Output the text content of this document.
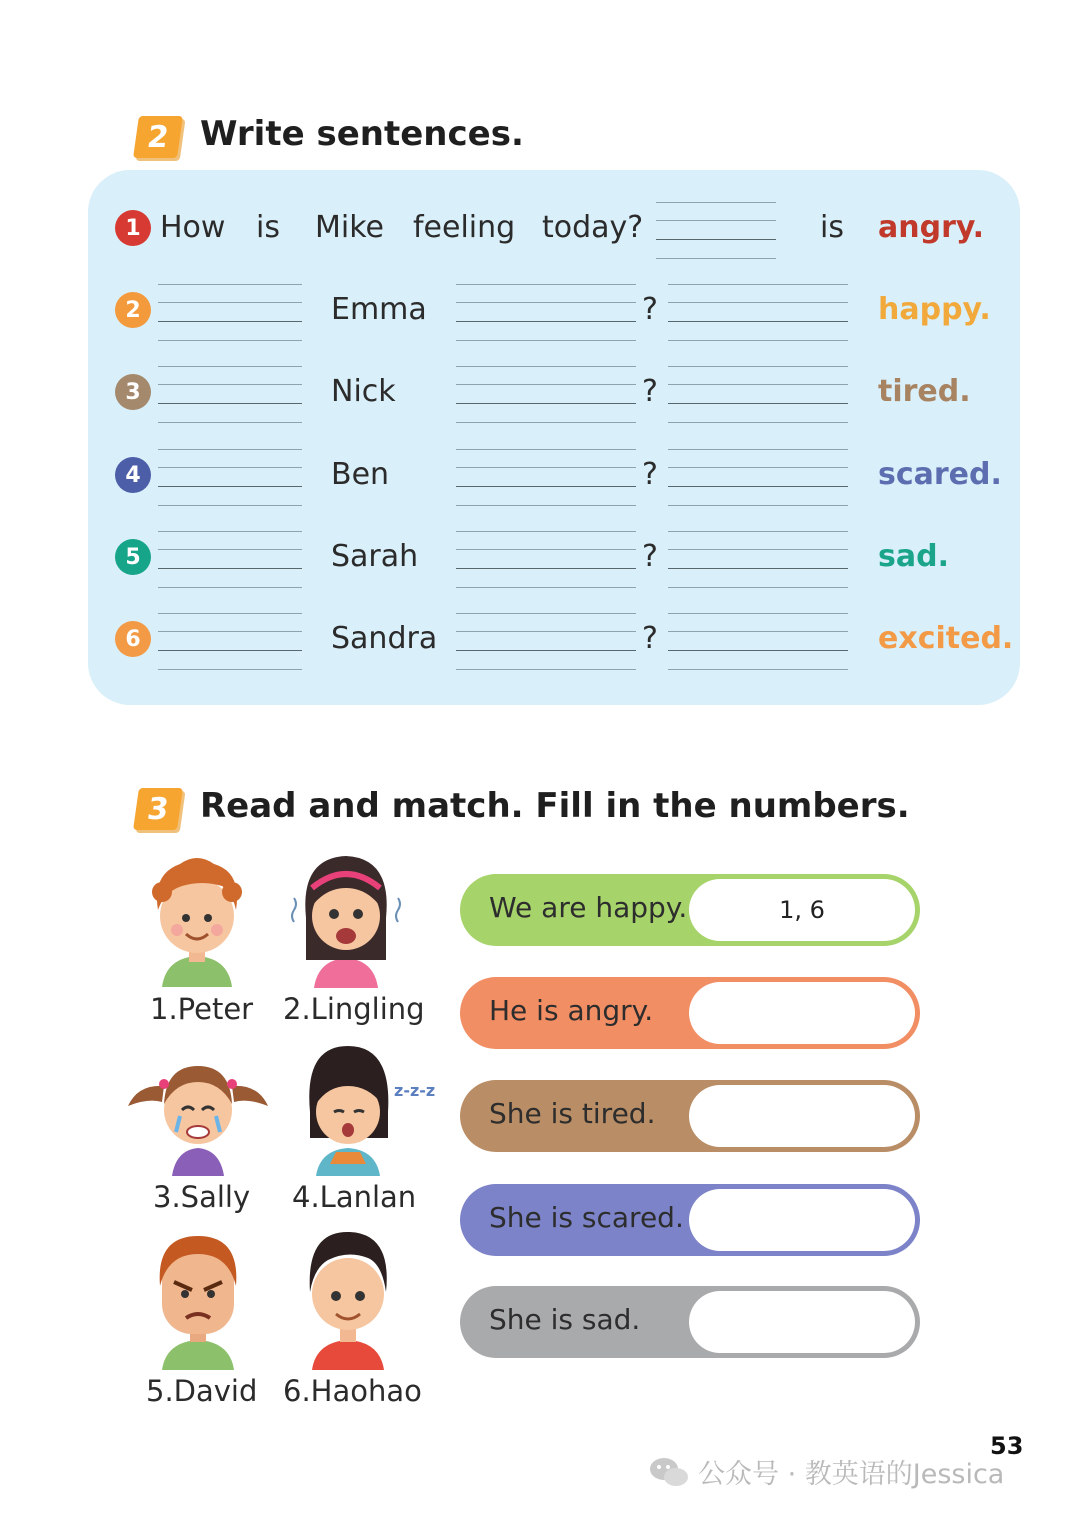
2 Write sentences.
1 How is Mike feeling today?	is angry.
2	Emma	?	happy.
3	Nick	?	tired.
4	Ben	?	scared.
5	Sarah	?	sad.
6	Sandra	?	excited.
3 Read and match. Fill in the numbers.
z-z-z
1.Peter 2.Lingling
3.Sally 4.Lanlan
5.David 6.Haohao
We are happy.	1, 6
He is angry.
She is tired.
She is scared.
She is sad.
53
公众号 · 教英语的Jessica
